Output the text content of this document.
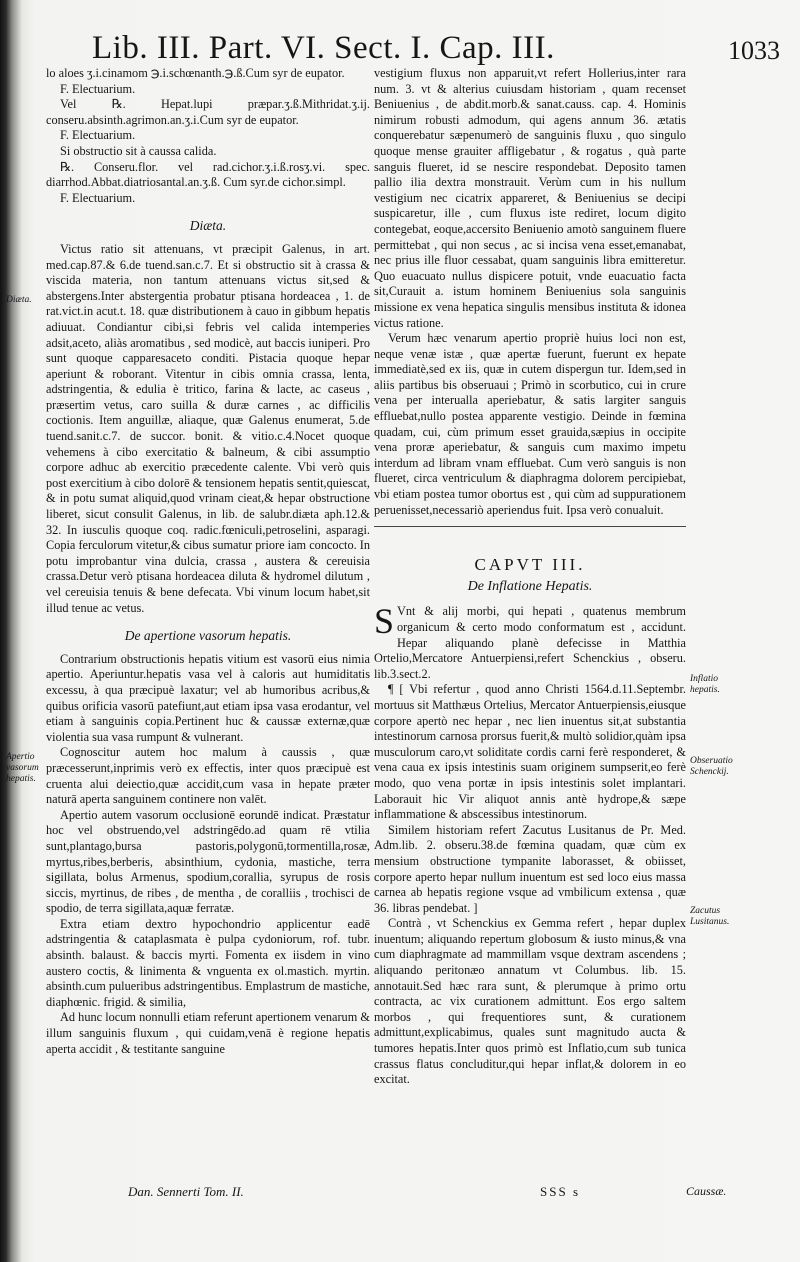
Lib. III. Part. VI. Sect. I. Cap. III.	1033
Diæta.
Apertio vasorum hepatis.
Inflatio hepatis.
Obseruatio Schenckij.
Zacutus Lusitanus.

lo aloes ʒ.i.cinamom ℈.i.schœnanth.℈.ß.Cum syr de eupator.

F. Electuarium.

Vel ℞. Hepat.lupi præpar.ʒ.ß.Mithridat.ʒ.ij. conseru.absinth.agrimon.an.ʒ.i.Cum syr de eupator.

F. Electuarium.

Si obstructio sit à caussa calida.

℞. Conseru.flor. vel rad.cichor.ʒ.i.ß.rosʒ.vi. spec. diarrhod.Abbat.diatriosantal.an.ʒ.ß. Cum syr.de cichor.simpl.

F. Electuarium.

Diæta.

Victus ratio sit attenuans, vt præcipit Galenus, in art. med.cap.87.& 6.de tuend.san.c.7. Et si obstructio sit à crassa & viscida materia, non tantum attenuans victus sit,sed & abstergens.Inter abstergentia probatur ptisana hordeacea , 1. de rat.vict.in acut.t. 18. quæ distributionem à cauo in gibbum hepatis adiuuat. Condiantur cibi,si febris vel calida intemperies adsit,aceto, aliàs aromatibus , sed modicè, aut baccis iuniperi. Pro sunt quoque capparesaceto conditi. Pistacia quoque hepar aperiunt & roborant. Vitentur in cibis omnia crassa, lenta, adstringentia, & edulia è tritico, farina & lacte, ac caseus , præsertim vetus, caro suilla & duræ carnes , ac difficilis coctionis. Item anguillæ, aliaque, quæ Galenus enumerat, 5.de tuend.sanit.c.7. de succor. bonit. & vitio.c.4.Nocet quoque vehemens à cibo exercitatio & balneum, & cibi assumptio corpore adhuc ab exercitio præcedente calente. Vbi verò quis post exercitium à cibo dolorē & tensionem hepatis sentit,quiescat, & in potu sumat aliquid,quod vrinam cieat,& hepar obstructione liberet, sicut consulit Galenus, in lib. de salubr.diæta aph.12.& 32. In iusculis quoque coq. radic.fœniculi,petroselini, asparagi. Copia ferculorum vitetur,& cibus sumatur priore iam concocto. In potu improbantur vina dulcia, crassa , austera & cereuisia crassa.Detur verò ptisana hordeacea diluta & hydromel dilutum , vel cereuisia tenuis & bene defecata. Vbi vinum locum habet,sit illud tenue ac vetus.

De apertione vasorum hepatis.

Contrarium obstructionis hepatis vitium est vasorū eius nimia apertio. Aperiuntur.hepatis vasa vel à caloris aut humiditatis excessu, à qua præcipuè laxatur; vel ab humoribus acribus,& quibus orificia vasorū patefiunt,aut etiam ipsa vasa erodantur, vel etiam à sanguinis copia.Pertinent huc & caussæ externæ,quæ violentia sua vasa rumpunt & vulnerant.

Cognoscitur autem hoc malum à caussis , quæ præcesserunt,inprimis verò ex effectis, inter quos præcipuè est cruenta alui deiectio,quæ accidit,cum vasa in hepate præter naturā aperta sanguinem continere non valēt.

Apertio autem vasorum occlusionē eorundē indicat. Præstatur hoc vel obstruendo,vel adstringēdo.ad quam rē vtilia sunt,plantago,bursa pastoris,polygonū,tormentilla,rosæ, myrtus,ribes,berberis, absinthium, cydonia, mastiche, terra sigillata, bolus Armenus, spodium,corallia, syrupus de rosis siccis, myrtinus, de ribes , de mentha , de coralliis , trochisci de spodio, de terra sigillata,aquæ ferratæ.

Extra etiam dextro hypochondrio applicentur eadē adstringentia & cataplasmata è pulpa cydoniorum, rof. tubr. absinth. balaust. & baccis myrti. Fomenta ex iisdem in vino austero coctis, & linimenta & vnguenta ex ol.mastich. myrtin. absinth.cum pulueribus adstringentibus. Emplastrum de mastiche, diaphœnic. frigid. & similia,

Ad hunc locum nonnulli etiam referunt apertionem venarum & illum sanguinis fluxum , qui cuidam,venā è regione hepatis aperta accidit , & testitante sanguine

vestigium fluxus non apparuit,vt refert Hollerius,inter rara num. 3. vt & alterius cuiusdam historiam , quam recenset Beniuenius , de abdit.morb.& sanat.causs. cap. 4. Hominis nimirum robusti admodum, qui agens annum 36. ætatis conquerebatur sæpenumerò de sanguinis fluxu , quo singulo quoque mense grauiter affligebatur , & rogatus , quà parte sanguis flueret, id se nescire respondebat. Deposito tamen pallio ilia dextra monstrauit. Verùm cum in his nullum vestigium nec cicatrix appareret, & Beniuenius se decipi suspicaretur, ille , cum fluxus iste rediret, locum digito contegebat, eoque,accersito Beniuenio amotò sanguinem fluere permittebat , qui non secus , ac si incisa vena esset,emanabat, nec prius ille fluor cessabat, quam sanguinis libra emitteretur. Quo euacuato nullus dispicere potuit, vnde euacuatio facta sit,Curauit a. istum hominem Beniuenius sola sanguinis missione ex vena hepatica singulis mensibus instituta & idonea victus ratione.

Verum hæc venarum apertio propriè huius loci non est, neque venæ istæ , quæ apertæ fuerunt, fuerunt ex hepate immediatè,sed ex iis, quæ in cutem dispergun tur. Idem,sed in aliis partibus bis obseruaui ; Primò in scorbutico, cui in crure vena per interualla aperiebatur, & satis largiter sanguis effluebat,nullo postea apparente vestigio. Deinde in fœmina quadam, cui, cùm primum esset grauida,sæpius in occipite vena proræ aperiebatur, & sanguis cum maximo impetu interdum ad libram vnam effluebat. Cum verò sanguis is non flueret, circa ventriculum & diaphragma dolorem percipiebat, vbi etiam postea tumor obortus est , qui cùm ad suppurationem peruenisset,necessariò aperiendus fuit. Ipsa verò conualuit.

CAPVT III.

De Inflatione Hepatis.

S Vnt & alij morbi, qui hepati , quatenus membrum organicum & certo modo conformatum est , accidunt. Hepar aliquando planè defecisse in Matthia Ortelio,Mercatore Antuerpiensi,refert Schenckius , obseru. lib.3.sect.2.

¶ [ Vbi refertur , quod anno Christi 1564.d.11.Septembr. mortuus sit Matthæus Ortelius, Mercator Antuerpiensis,eiusque corpore apertò nec hepar , nec lien inuentus sit,at substantia intestinorum carnosa prorsus fuerit,& multò solidior,quàm ipsa musculorum caro,vt soliditate cordis carni ferè responderet, & vena caua ex ipsis intestinis suam originem sumpserit,eo ferè modo, quo vena portæ in ipsis intestinis solet implantari. Laborauit hic Vir aliquot annis antè hydrope,& sæpe inflammatione & abscessibus intestinorum.

Similem historiam refert Zacutus Lusitanus de Pr. Med. Adm.lib. 2. obseru.38.de fœmina quadam, quæ cùm ex mensium obstructione tympanite laborasset, & obiisset, corpore aperto hepar nullum inuentum est sed loco eius massa carnea ab hepatis regione vsque ad vmbilicum extensa , quæ 36. libras pendebat. ]

Contrà , vt Schenckius ex Gemma refert , hepar duplex inuentum; aliquando repertum globosum & iusto minus,& vna cum diaphragmate ad mammillam vsque dextram ascendens ; aliquando peritonæo annatum vt Columbus. lib. 15. annotauit.Sed hæc rara sunt, & plerumque à primo ortu contracta, ac vix curationem admittunt. Eos ergo saltem morbos , qui frequentiores sunt, & curationem admittunt,explicabimus, quales sunt magnitudo aucta & tumores hepatis.Inter quos primò est Inflatio,cum sub tunica crassus flatus concluditur,qui hepar inflat,& dolorem in eo excitat.

Dan. Sennerti Tom. II.	SSS s	Caussæ.
